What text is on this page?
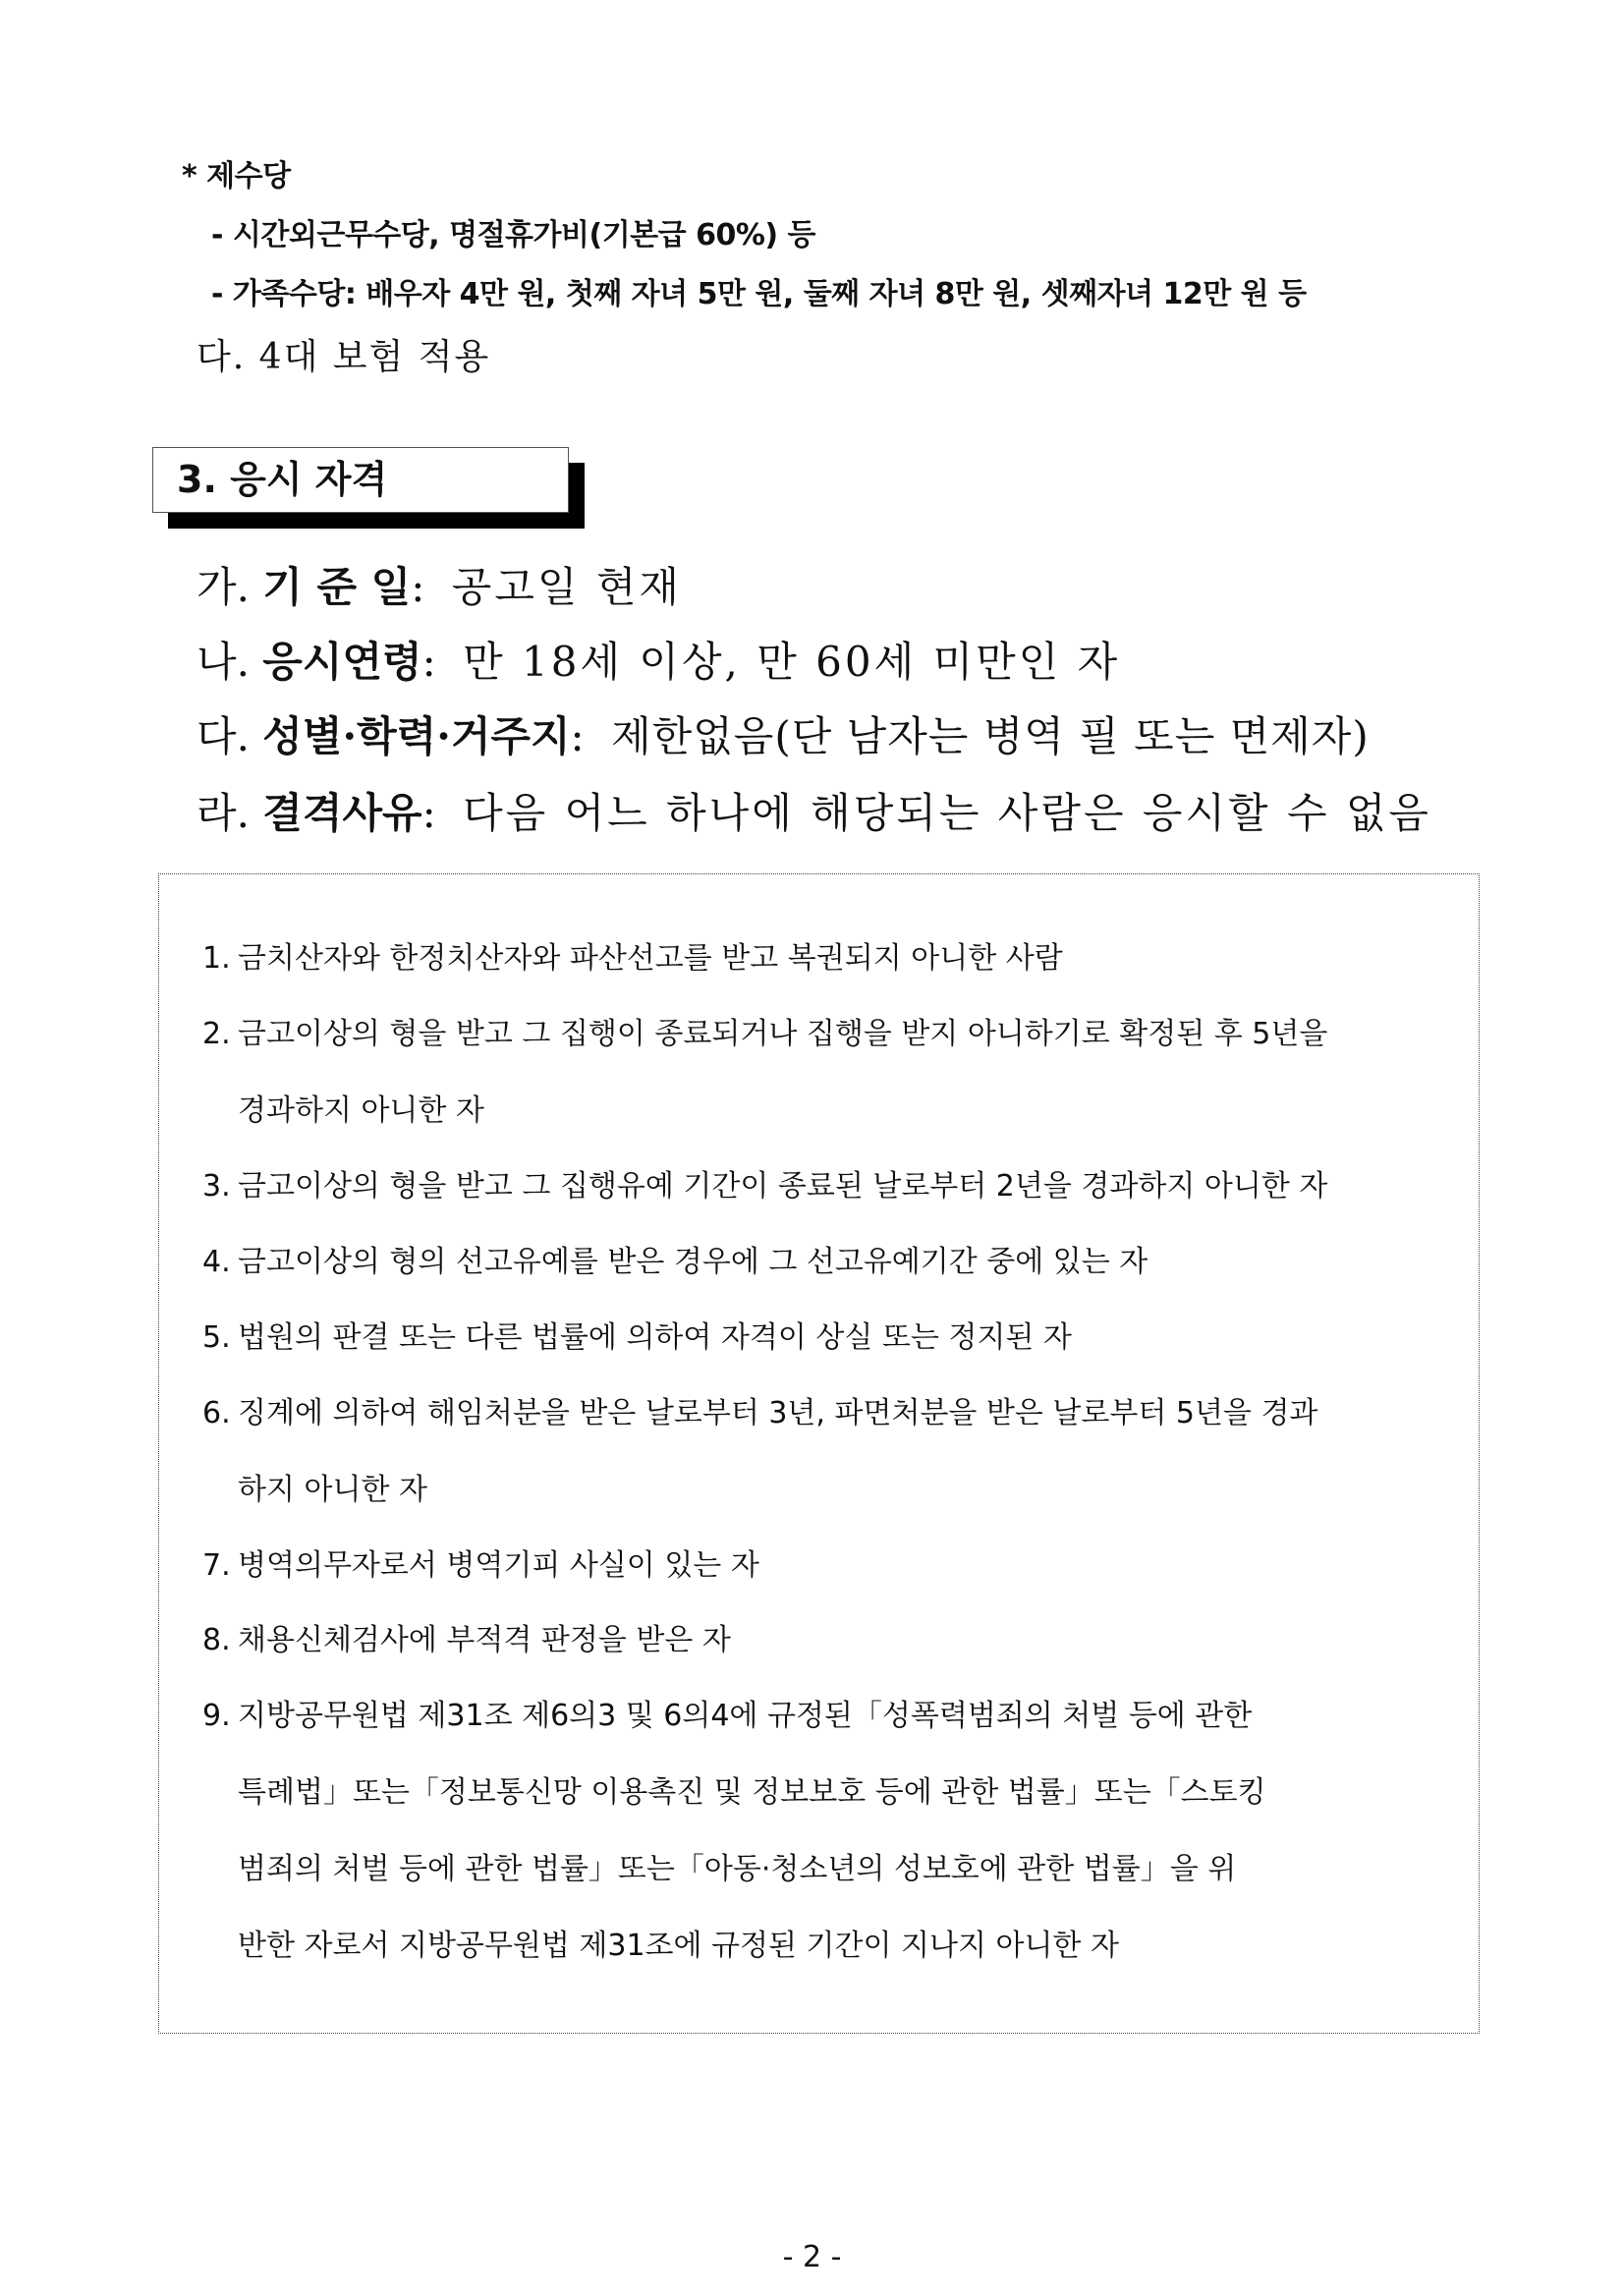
* 제수당
- 시간외근무수당, 명절휴가비(기본급 60%) 등
- 가족수당: 배우자 4만 원, 첫째 자녀 5만 원, 둘째 자녀 8만 원, 셋째자녀 12만 원 등
다. 4대 보험 적용
3. 응시 자격
가. 기 준 일: 공고일 현재
나. 응시연령: 만 18세 이상, 만 60세 미만인 자
다. 성별·학력·거주지: 제한없음(단 남자는 병역 필 또는 면제자)
라. 결격사유: 다음 어느 하나에 해당되는 사람은 응시할 수 없음
1. 금치산자와 한정치산자와 파산선고를 받고 복권되지 아니한 사람
2. 금고이상의 형을 받고 그 집행이 종료되거나 집행을 받지 아니하기로 확정된 후 5년을
경과하지 아니한 자
3. 금고이상의 형을 받고 그 집행유예 기간이 종료된 날로부터 2년을 경과하지 아니한 자
4. 금고이상의 형의 선고유예를 받은 경우에 그 선고유예기간 중에 있는 자
5. 법원의 판결 또는 다른 법률에 의하여 자격이 상실 또는 정지된 자
6. 징계에 의하여 해임처분을 받은 날로부터 3년, 파면처분을 받은 날로부터 5년을 경과
하지 아니한 자
7. 병역의무자로서 병역기피 사실이 있는 자
8. 채용신체검사에 부적격 판정을 받은 자
9. 지방공무원법 제31조 제6의3 및 6의4에 규정된「성폭력범죄의 처벌 등에 관한
특례법」또는「정보통신망 이용촉진 및 정보보호 등에 관한 법률」또는「스토킹
범죄의 처벌 등에 관한 법률」또는「아동·청소년의 성보호에 관한 법률」을 위
반한 자로서 지방공무원법 제31조에 규정된 기간이 지나지 아니한 자
- 2 -
